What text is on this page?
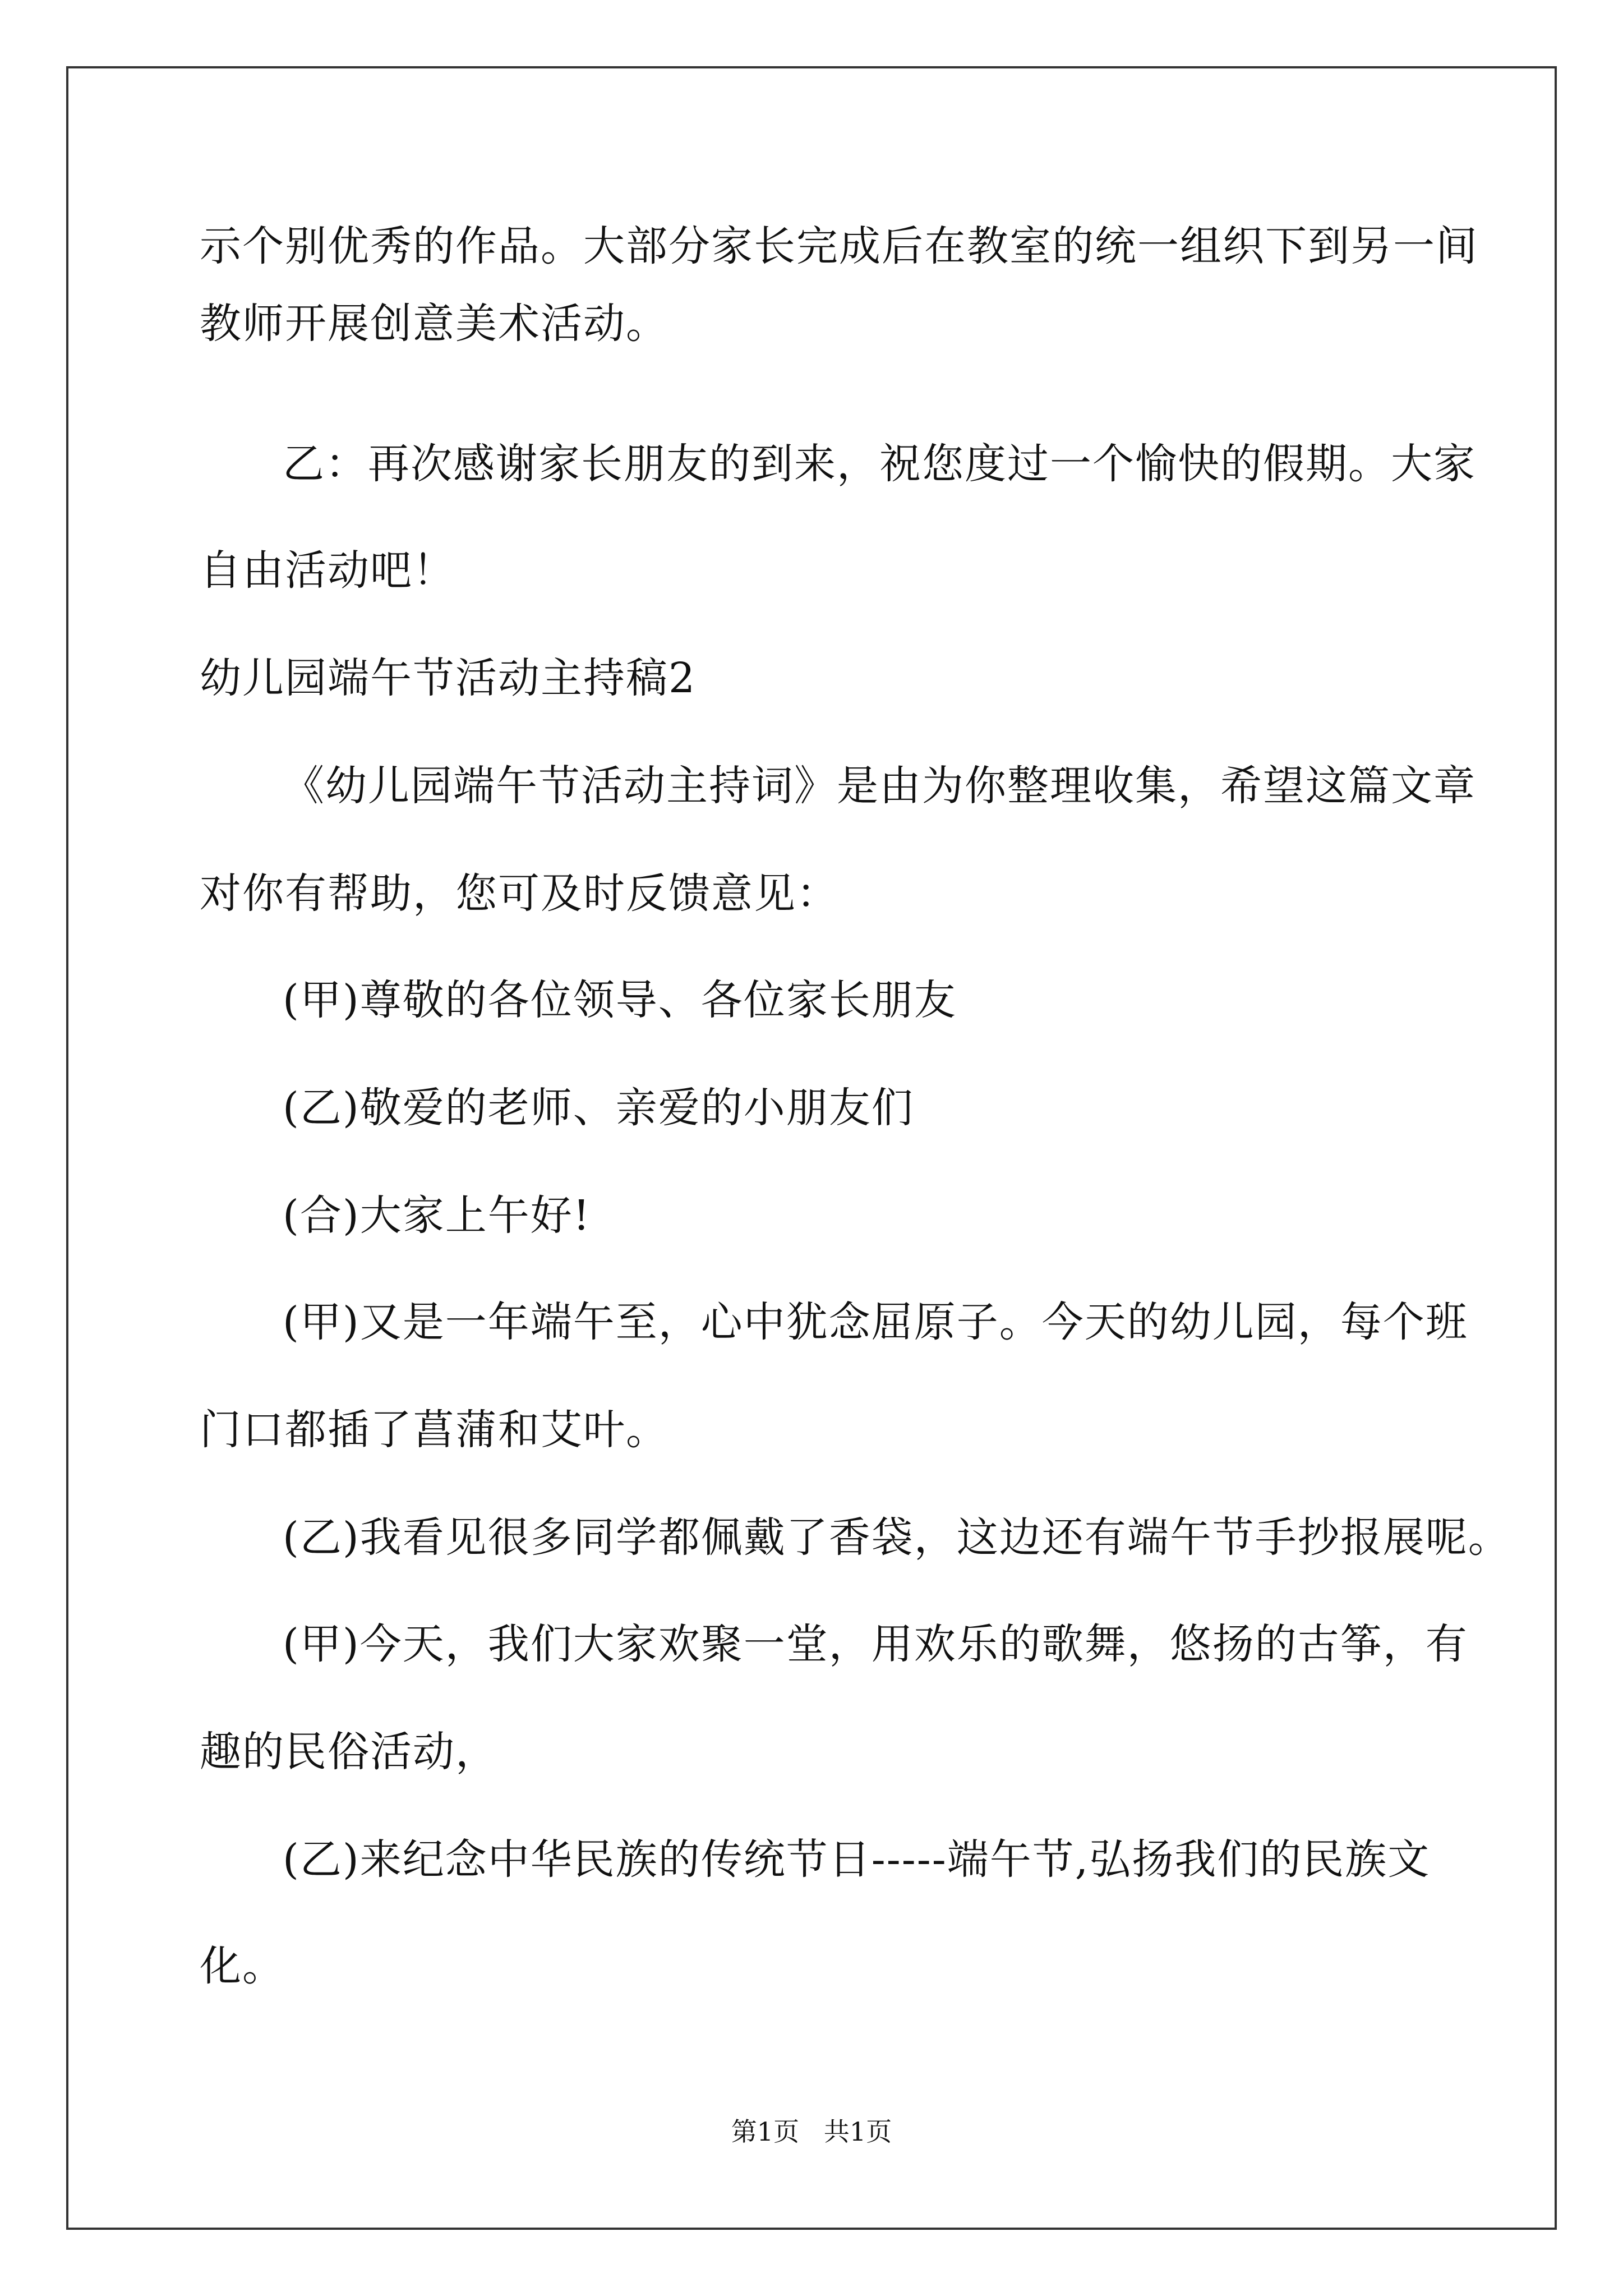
示个别优秀的作品。大部分家长完成后在教室的统一组织下到另一间
教师开展创意美术活动。
乙：再次感谢家长朋友的到来，祝您度过一个愉快的假期。大家
自由活动吧！
幼儿园端午节活动主持稿2
《幼儿园端午节活动主持词》是由为你整理收集，希望这篇文章
对你有帮助，您可及时反馈意见：
(甲)尊敬的各位领导、各位家长朋友
(乙)敬爱的老师、亲爱的小朋友们
(合)大家上午好!
(甲)又是一年端午至，心中犹念屈原子。今天的幼儿园，每个班
门口都插了菖蒲和艾叶。
(乙)我看见很多同学都佩戴了香袋，这边还有端午节手抄报展呢。
(甲)今天，我们大家欢聚一堂，用欢乐的歌舞，悠扬的古筝，有
趣的民俗活动，
(乙)来纪念中华民族的传统节日-----端午节,弘扬我们的民族文
化。
第1页   共1页
